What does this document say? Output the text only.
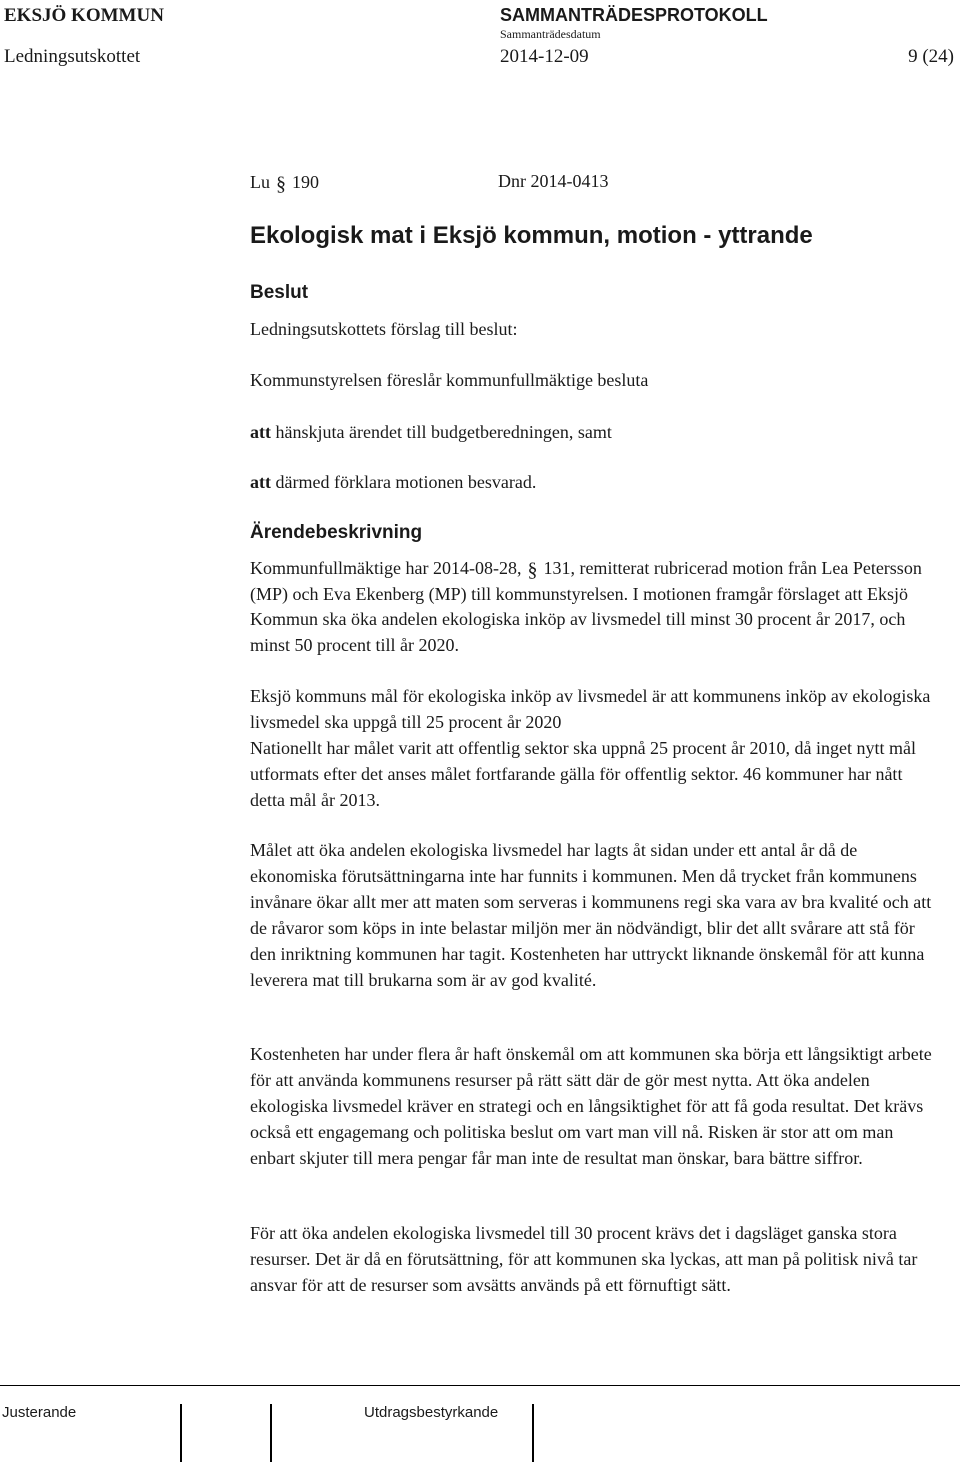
EKSJÖ KOMMUN
Ledningsutskottet
SAMMANTRÄDESPROTOKOLL
Sammanträdesdatum
2014-12-09	9 (24)
Lu § 190	Dnr 2014-0413
Ekologisk mat i Eksjö kommun, motion - yttrande
Beslut
Ledningsutskottets förslag till beslut:
Kommunstyrelsen föreslår kommunfullmäktige besluta
att hänskjuta ärendet till budgetberedningen, samt
att därmed förklara motionen besvarad.
Ärendebeskrivning
Kommunfullmäktige har 2014-08-28, § 131, remitterat rubricerad motion från Lea Petersson (MP) och Eva Ekenberg (MP) till kommunstyrelsen. I motionen framgår förslaget att Eksjö Kommun ska öka andelen ekologiska inköp av livsmedel till minst 30 procent år 2017, och minst 50 procent till år 2020.
Eksjö kommuns mål för ekologiska inköp av livsmedel är att kommunens inköp av ekologiska livsmedel ska uppgå till 25 procent år 2020
Nationellt har målet varit att offentlig sektor ska uppnå 25 procent år 2010, då inget nytt mål utformats efter det anses målet fortfarande gälla för offentlig sektor. 46 kommuner har nått detta mål år 2013.
Målet att öka andelen ekologiska livsmedel har lagts åt sidan under ett antal år då de ekonomiska förutsättningarna inte har funnits i kommunen. Men då trycket från kommunens invånare ökar allt mer att maten som serveras i kommunens regi ska vara av bra kvalité och att de råvaror som köps in inte belastar miljön mer än nödvändigt, blir det allt svårare att stå för den inriktning kommunen har tagit. Kostenheten har uttryckt liknande önskemål för att kunna leverera mat till brukarna som är av god kvalité.
Kostenheten har under flera år haft önskemål om att kommunen ska börja ett långsiktigt arbete för att använda kommunens resurser på rätt sätt där de gör mest nytta. Att öka andelen ekologiska livsmedel kräver en strategi och en långsiktighet för att få goda resultat. Det krävs också ett engagemang och politiska beslut om vart man vill nå. Risken är stor att om man enbart skjuter till mera pengar får man inte de resultat man önskar, bara bättre siffror.
För att öka andelen ekologiska livsmedel till 30 procent krävs det i dagsläget ganska stora resurser. Det är då en förutsättning, för att kommunen ska lyckas, att man på politisk nivå tar ansvar för att de resurser som avsätts används på ett förnuftigt sätt.
Justerande	Utdragsbestyrkande
